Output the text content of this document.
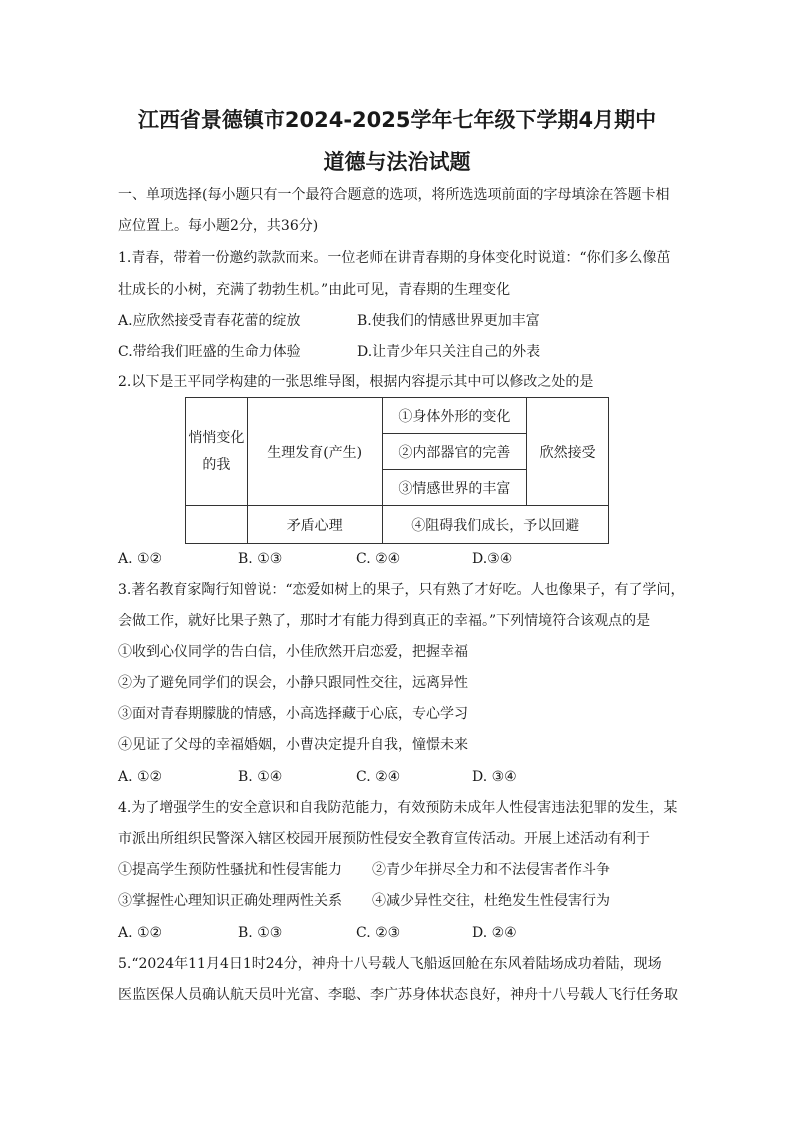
江西省景德镇市2024-2025学年七年级下学期4月期中
道德与法治试题
一、单项选择(每小题只有一个最符合题意的选项，将所选选项前面的字母填涂在答题卡相
应位置上。每小题2分，共36分)
1.青春，带着一份邀约款款而来。一位老师在讲青春期的身体变化时说道：“你们多么像茁
壮成长的小树，充满了勃勃生机。”由此可见，青春期的生理变化
A.应欣然接受青春花蕾的绽放	B.使我们的情感世界更加丰富
C.带给我们旺盛的生命力体验	D.让青少年只关注自己的外表
2.以下是王平同学构建的一张思维导图，根据内容提示其中可以修改之处的是
悄悄变化
的我	生理发育(产生)	①身体外形的变化	欣然接受
		②内部器官的完善	
		③情感世界的丰富	
	矛盾心理	④阻碍我们成长，予以回避	
A. ①②	B. ①③	C. ②④	D.③④
3.著名教育家陶行知曾说：“恋爱如树上的果子，只有熟了才好吃。人也像果子，有了学问，
会做工作，就好比果子熟了，那时才有能力得到真正的幸福。”下列情境符合该观点的是
①收到心仪同学的告白信，小佳欣然开启恋爱，把握幸福
②为了避免同学们的误会，小静只跟同性交往，远离异性
③面对青春期朦胧的情感，小高选择藏于心底，专心学习
④见证了父母的幸福婚姻，小曹决定提升自我，憧憬未来
A. ①②	B. ①④	C. ②④	D. ③④
4.为了增强学生的安全意识和自我防范能力，有效预防未成年人性侵害违法犯罪的发生，某
市派出所组织民警深入辖区校园开展预防性侵安全教育宣传活动。开展上述活动有利于
①提高学生预防性骚扰和性侵害能力 ②青少年拼尽全力和不法侵害者作斗争
③掌握性心理知识正确处理两性关系 ④减少异性交往，杜绝发生性侵害行为
A. ①②	B. ①③	C. ②③	D. ②④
5.“2024年11月4日1时24分，神舟十八号载人飞船返回舱在东风着陆场成功着陆，现场
医监医保人员确认航天员叶光富、李聪、李广苏身体状态良好，神舟十八号载人飞行任务取
